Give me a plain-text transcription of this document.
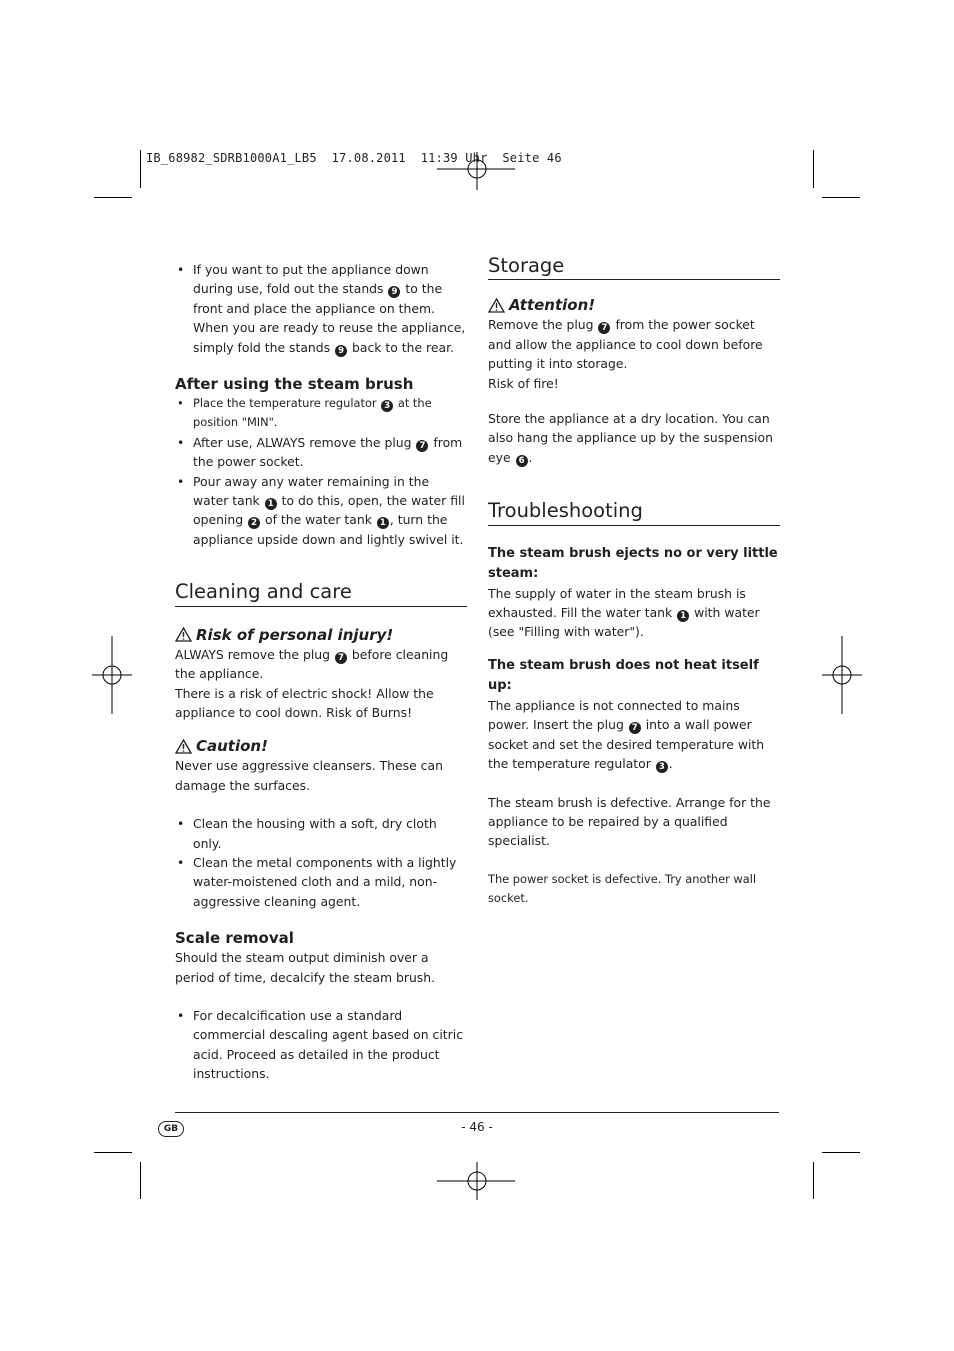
IB_68982_SDRB1000A1_LB5  17.08.2011  11:39 Uhr  Seite 46

• If you want to put the appliance down during use, fold out the stands 9 to the front and place the appliance on them. When you are ready to reuse the appliance, simply fold the stands 9 back to the rear.

After using the steam brush

• Place the temperature regulator 3 at the position "MIN".

• After use, ALWAYS remove the plug 7 from the power socket.

• Pour away any water remaining in the water tank 1 to do this, open, the water fill opening 2 of the water tank 1 , turn the appliance upside down and lightly swivel it.

Cleaning and care
Risk of personal injury!

ALWAYS remove the plug 7 before cleaning the appliance.
There is a risk of electric shock! Allow the appliance to cool down. Risk of Burns!

Caution!

Never use aggressive cleansers. These can damage the surfaces.

• Clean the housing with a soft, dry cloth only.

• Clean the metal components with a lightly water-moistened cloth and a mild, non-aggressive cleaning agent.

Scale removal

Should the steam output diminish over a period of time, decalcify the steam brush.

• For decalcification use a standard commercial descaling agent based on citric acid. Proceed as detailed in the product instructions.

Storage
Attention!

Remove the plug 7 from the power socket and allow the appliance to cool down before putting it into storage.
Risk of fire!

Store the appliance at a dry location. You can also hang the appliance up by the suspension eye 6 .

Troubleshooting
The steam brush ejects no or very little steam:

The supply of water in the steam brush is exhausted. Fill the water tank 1 with water (see "Filling with water").

The steam brush does not heat itself up:

The appliance is not connected to mains power. Insert the plug 7 into a wall power socket and set the desired temperature with the temperature regulator 3 .

The steam brush is defective. Arrange for the appliance to be repaired by a qualified specialist.

The power socket is defective. Try another wall socket.

GB	- 46 -
